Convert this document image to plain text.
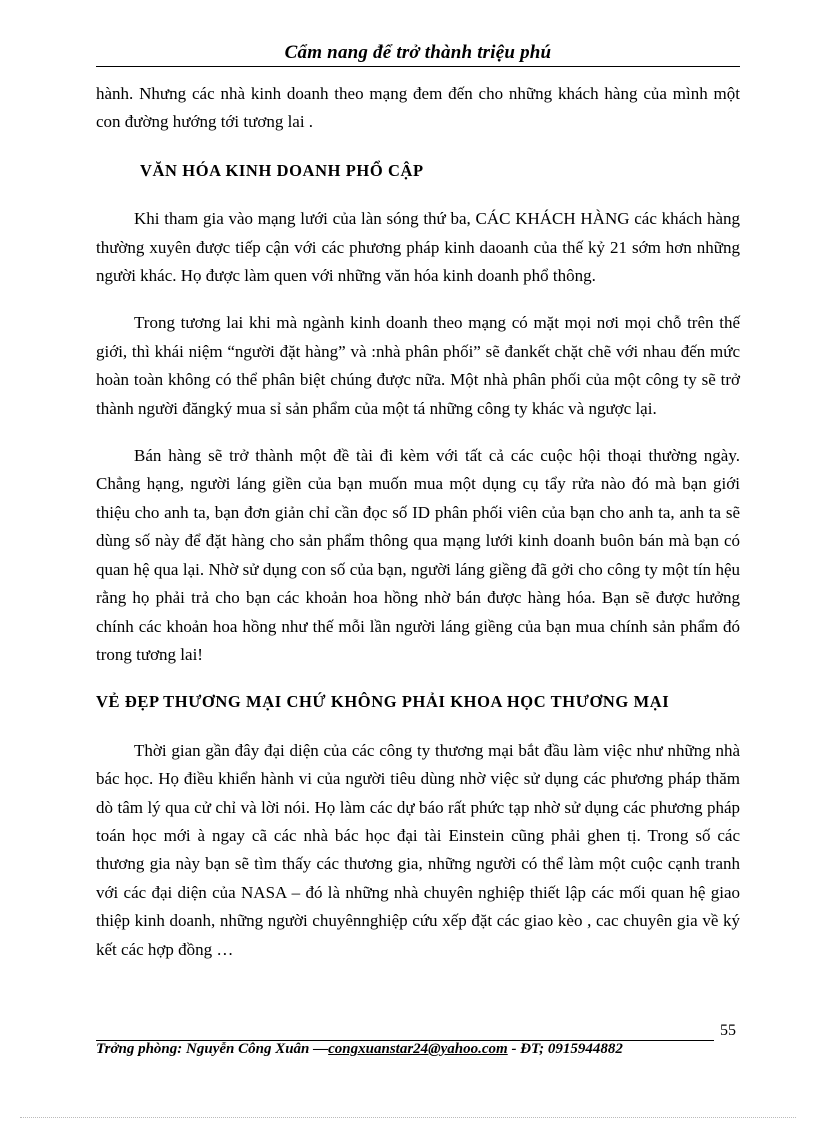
Cẩm nang để trở thành triệu phú

hành. Nhưng các nhà kinh doanh theo mạng đem đến cho những khách hàng của mình một con đường hướng tới tương lai .

VĂN HÓA KINH DOANH PHỔ CẬP

Khi tham gia vào mạng lưới của làn sóng thứ ba, CÁC KHÁCH HÀNG các khách hàng thường xuyên được tiếp cận với các phương pháp kinh daoanh của thế kỷ 21 sớm hơn những người khác. Họ được làm quen với những văn hóa kinh doanh phổ thông.

Trong tương lai khi mà ngành kinh doanh theo mạng có mặt mọi nơi mọi chỗ trên thế giới, thì khái niệm “người đặt hàng” và :nhà phân phối” sẽ đankết chặt chẽ với nhau đến mức hoàn toàn không có thể phân biệt chúng được nữa. Một nhà phân phối của một công ty sẽ trở thành người đăngký mua sỉ sản phẩm của một tá những công ty khác và ngược lại.

Bán hàng sẽ trở thành một đề tài đi kèm với tất cả các cuộc hội thoại thường ngày. Chẳng hạng, người láng giền của bạn muốn mua một dụng cụ tẩy rửa nào đó mà bạn giới thiệu cho anh ta, bạn đơn giản chỉ cần đọc số ID phân phối viên của bạn cho anh ta, anh ta sẽ dùng số này để đặt hàng cho sản phẩm thông qua mạng lưới kinh doanh buôn bán mà bạn có quan hệ qua lại. Nhờ sử dụng con số của bạn, người láng giềng đã gởi cho công ty một tín hệu rằng họ phải trả cho bạn các khoản hoa hồng nhờ bán được hàng hóa. Bạn sẽ được hưởng chính các khoản hoa hồng như thế mỗi lần người láng giềng của bạn mua chính sản phẩm đó trong tương lai!

VẺ ĐẸP THƯƠNG MẠI CHỨ KHÔNG PHẢI KHOA HỌC THƯƠNG MẠI

Thời gian gần đây đại diện của các công ty thương mại bắt đầu làm việc như những nhà bác học. Họ điều khiển hành vi của người tiêu dùng nhờ việc sử dụng các phương pháp thăm dò tâm lý qua cử chỉ và lời nói. Họ làm các dự báo rất phức tạp nhờ sử dụng các phương pháp toán học mới à ngay cã các nhà bác học đại tài Einstein cũng phải ghen tị. Trong số các thương gia này bạn sẽ tìm thấy các thương gia, những người có thể làm một cuộc cạnh tranh với các đại diện của NASA – đó là những nhà chuyên nghiệp thiết lập các mối quan hệ giao thiệp kinh doanh, những người chuyênnghiệp cứu xếp đặt các giao kèo , cac chuyên gia về ký kết các hợp đồng …

55
Trởng phòng: Nguyễn Công Xuân —congxuanstar24@yahoo.com - ĐT; 0915944882
